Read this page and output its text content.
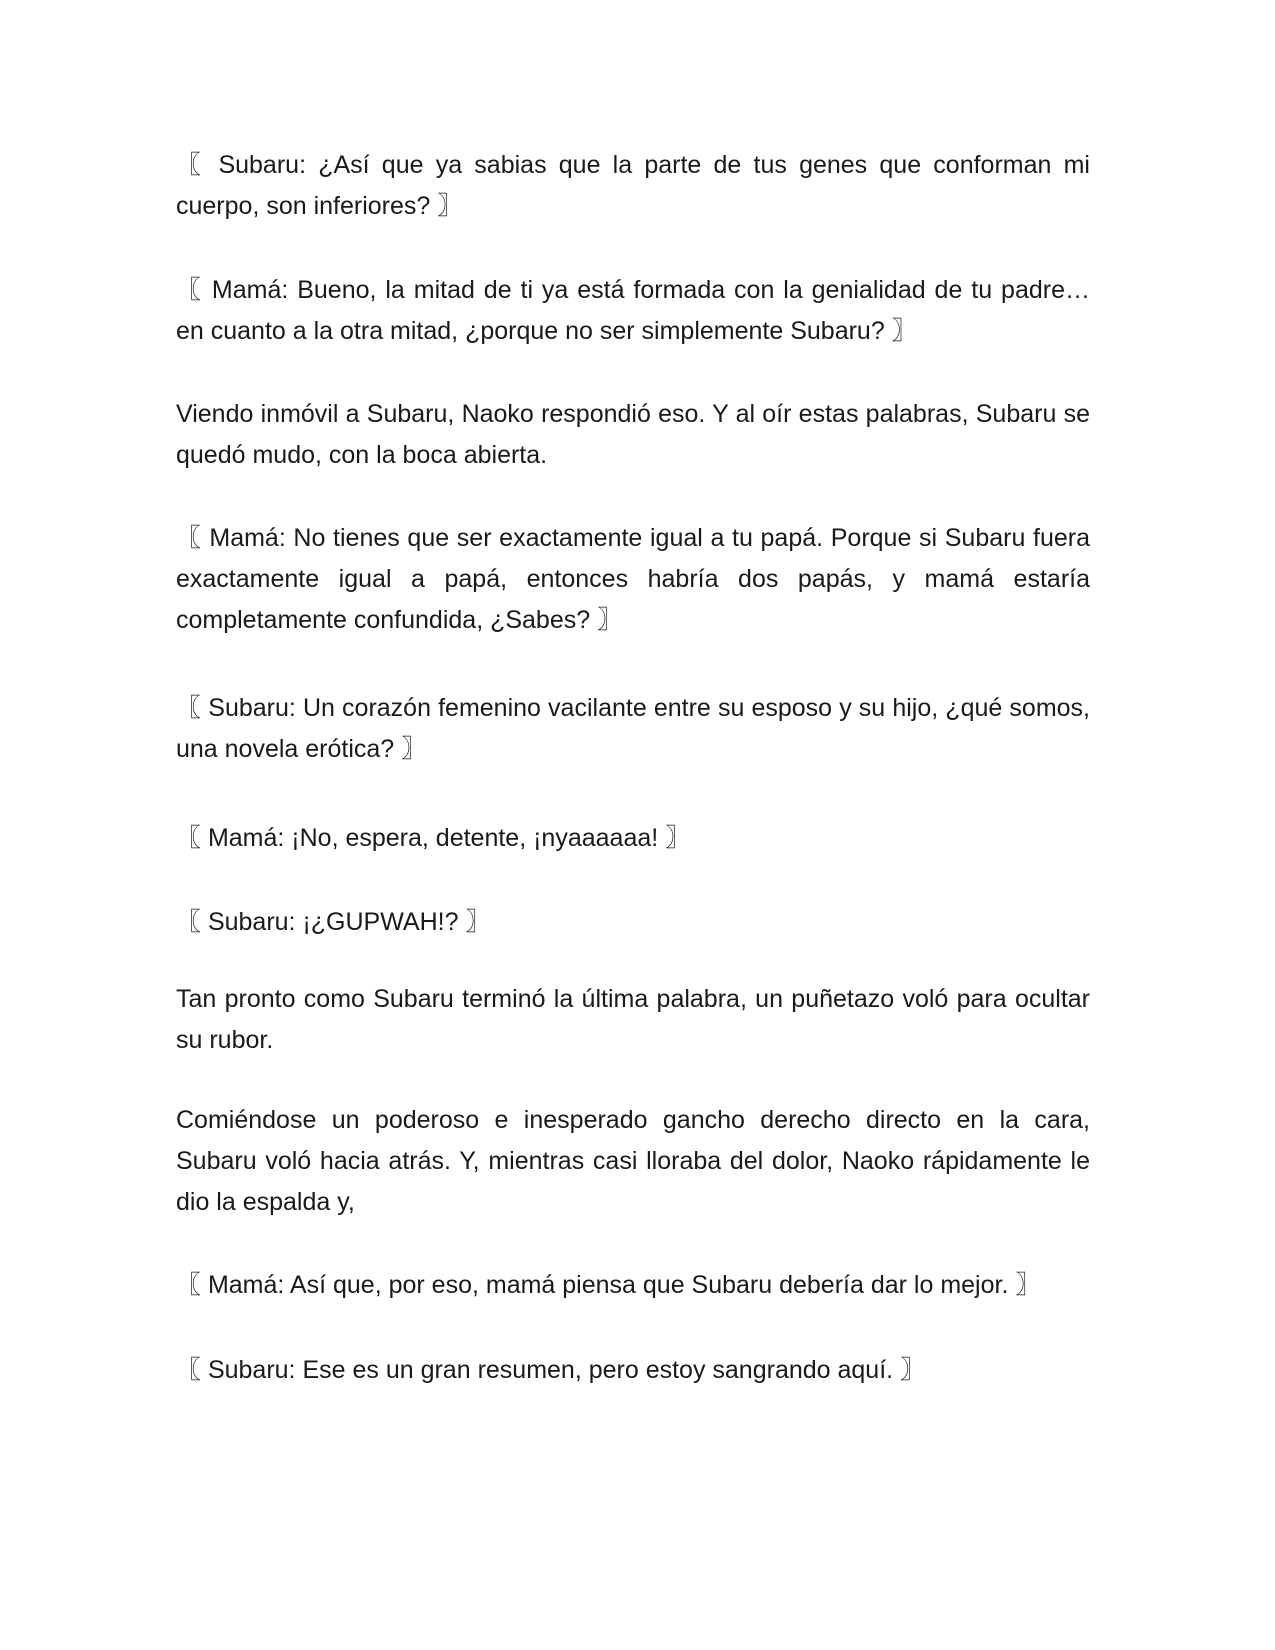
〖 Subaru: ¿Así que ya sabias que la parte de tus genes que conforman mi cuerpo, son inferiores? 〗

〖 Mamá: Bueno, la mitad de ti ya está formada con la genialidad de tu padre… en cuanto a la otra mitad, ¿porque no ser simplemente Subaru? 〗

Viendo inmóvil a Subaru, Naoko respondió eso. Y al oír estas palabras, Subaru se quedó mudo, con la boca abierta.

〖 Mamá: No tienes que ser exactamente igual a tu papá. Porque si Subaru fuera exactamente igual a papá, entonces habría dos papás, y mamá estaría completamente confundida, ¿Sabes? 〗

〖 Subaru: Un corazón femenino vacilante entre su esposo y su hijo, ¿qué somos, una novela erótica? 〗

〖 Mamá: ¡No, espera, detente, ¡nyaaaaaa! 〗

〖 Subaru: ¡¿GUPWAH!? 〗

Tan pronto como Subaru terminó la última palabra, un puñetazo voló para ocultar su rubor.

Comiéndose un poderoso e inesperado gancho derecho directo en la cara, Subaru voló hacia atrás. Y, mientras casi lloraba del dolor, Naoko rápidamente le dio la espalda y,

〖 Mamá: Así que, por eso, mamá piensa que Subaru debería dar lo mejor. 〗

〖 Subaru: Ese es un gran resumen, pero estoy sangrando aquí. 〗
